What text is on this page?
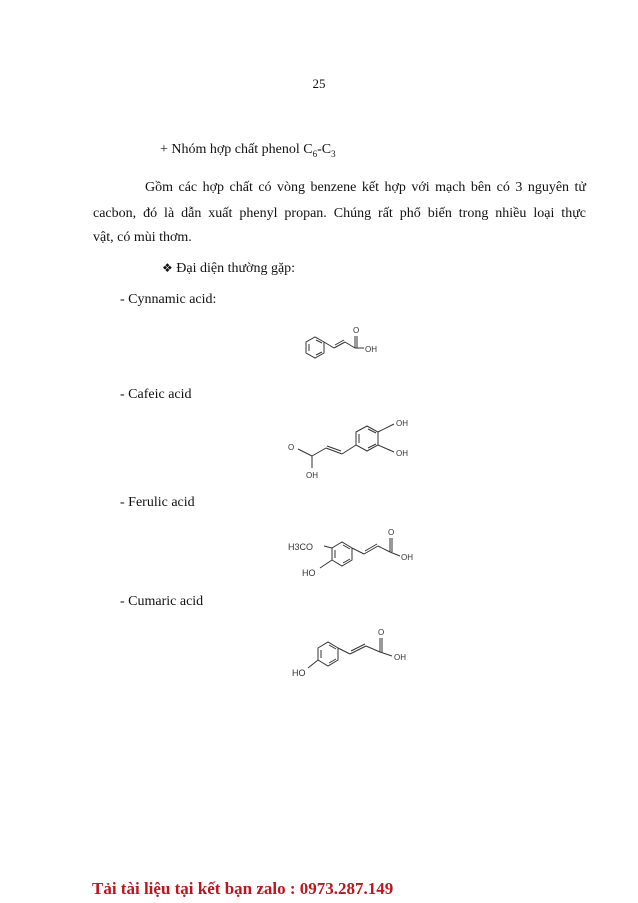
25
+ Nhóm hợp chất phenol $C_6-C_3$
Gồm các hợp chất có vòng benzene kết hợp với mạch bên có 3 nguyên tử
cacbon, đó là dẫn xuất phenyl propan. Chúng rất phổ biến trong nhiều loại thực
vật, có mùi thơm.
❖ Đại diện thường gặp:
- Cynnamic acid:
O
OH
- Cafeic acid
OH
OH
O
OH
- Ferulic acid
H3CO
HO
O
OH
- Cumaric acid
HO
O
OH
Tải tài liệu tại kết bạn zalo : 0973.287.149
